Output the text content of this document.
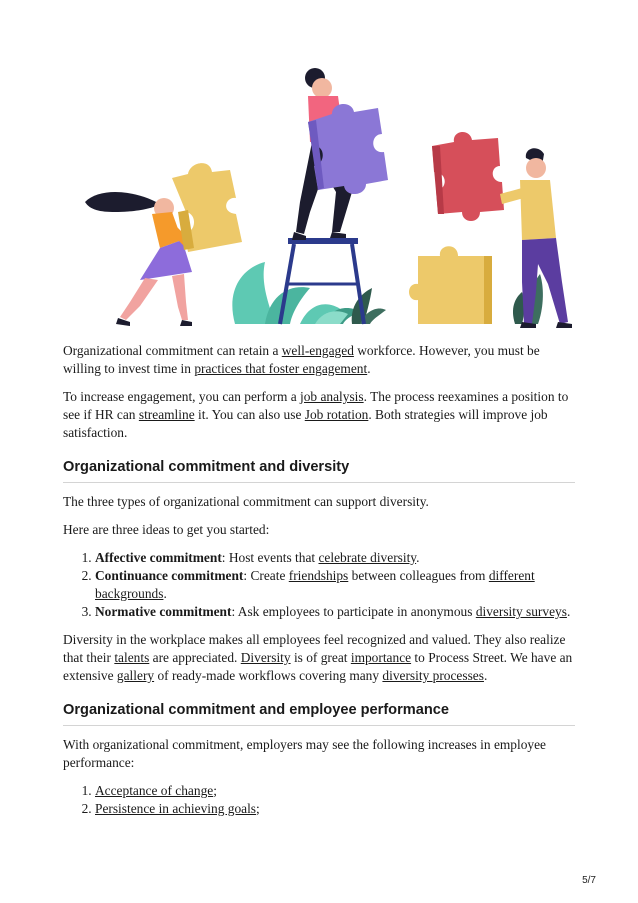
Organizational commitment can retain a well-engaged workforce. However, you must be willing to invest time in practices that foster engagement.

To increase engagement, you can perform a job analysis. The process reexamines a position to see if HR can streamline it. You can also use Job rotation. Both strategies will improve job satisfaction.

Organizational commitment and diversity

The three types of organizational commitment can support diversity.

Here are three ideas to get you started:

1. Affective commitment: Host events that celebrate diversity.
2. Continuance commitment: Create friendships between colleagues from different backgrounds.
3. Normative commitment: Ask employees to participate in anonymous diversity surveys.

Diversity in the workplace makes all employees feel recognized and valued. They also realize that their talents are appreciated. Diversity is of great importance to Process Street. We have an extensive gallery of ready-made workflows covering many diversity processes.

Organizational commitment and employee performance

With organizational commitment, employers may see the following increases in employee performance:

1. Acceptance of change;
2. Persistence in achieving goals;
5/7
